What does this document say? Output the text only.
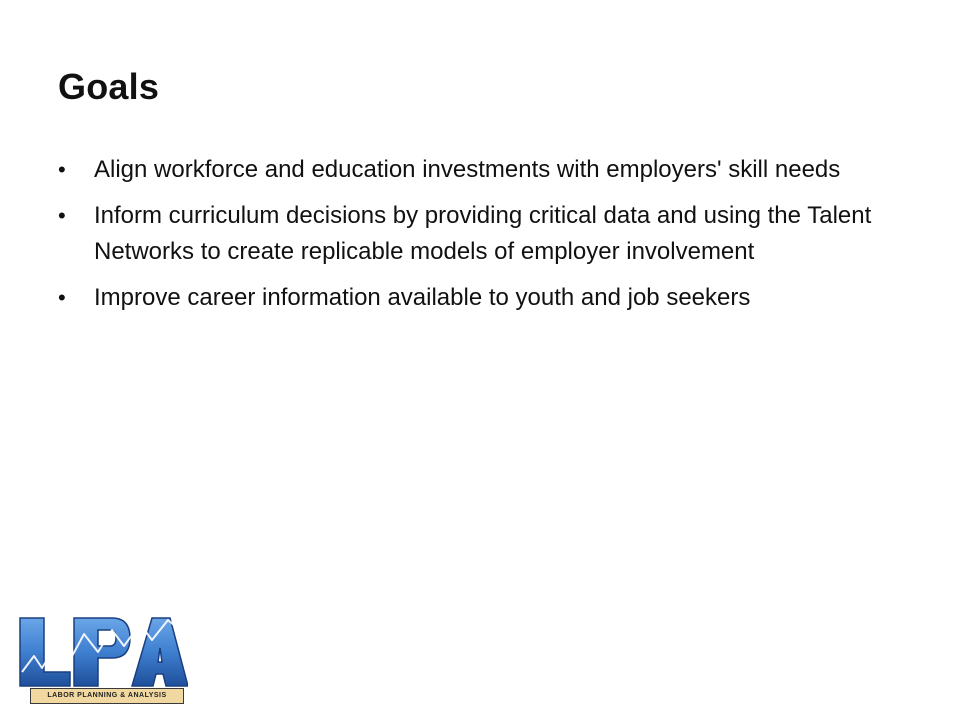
Goals
• Align workforce and education investments with employers' skill needs
• Inform curriculum decisions by providing critical data and using the Talent Networks to create replicable models of employer involvement
• Improve career information available to youth and job seekers
LABOR PLANNING & ANALYSIS
